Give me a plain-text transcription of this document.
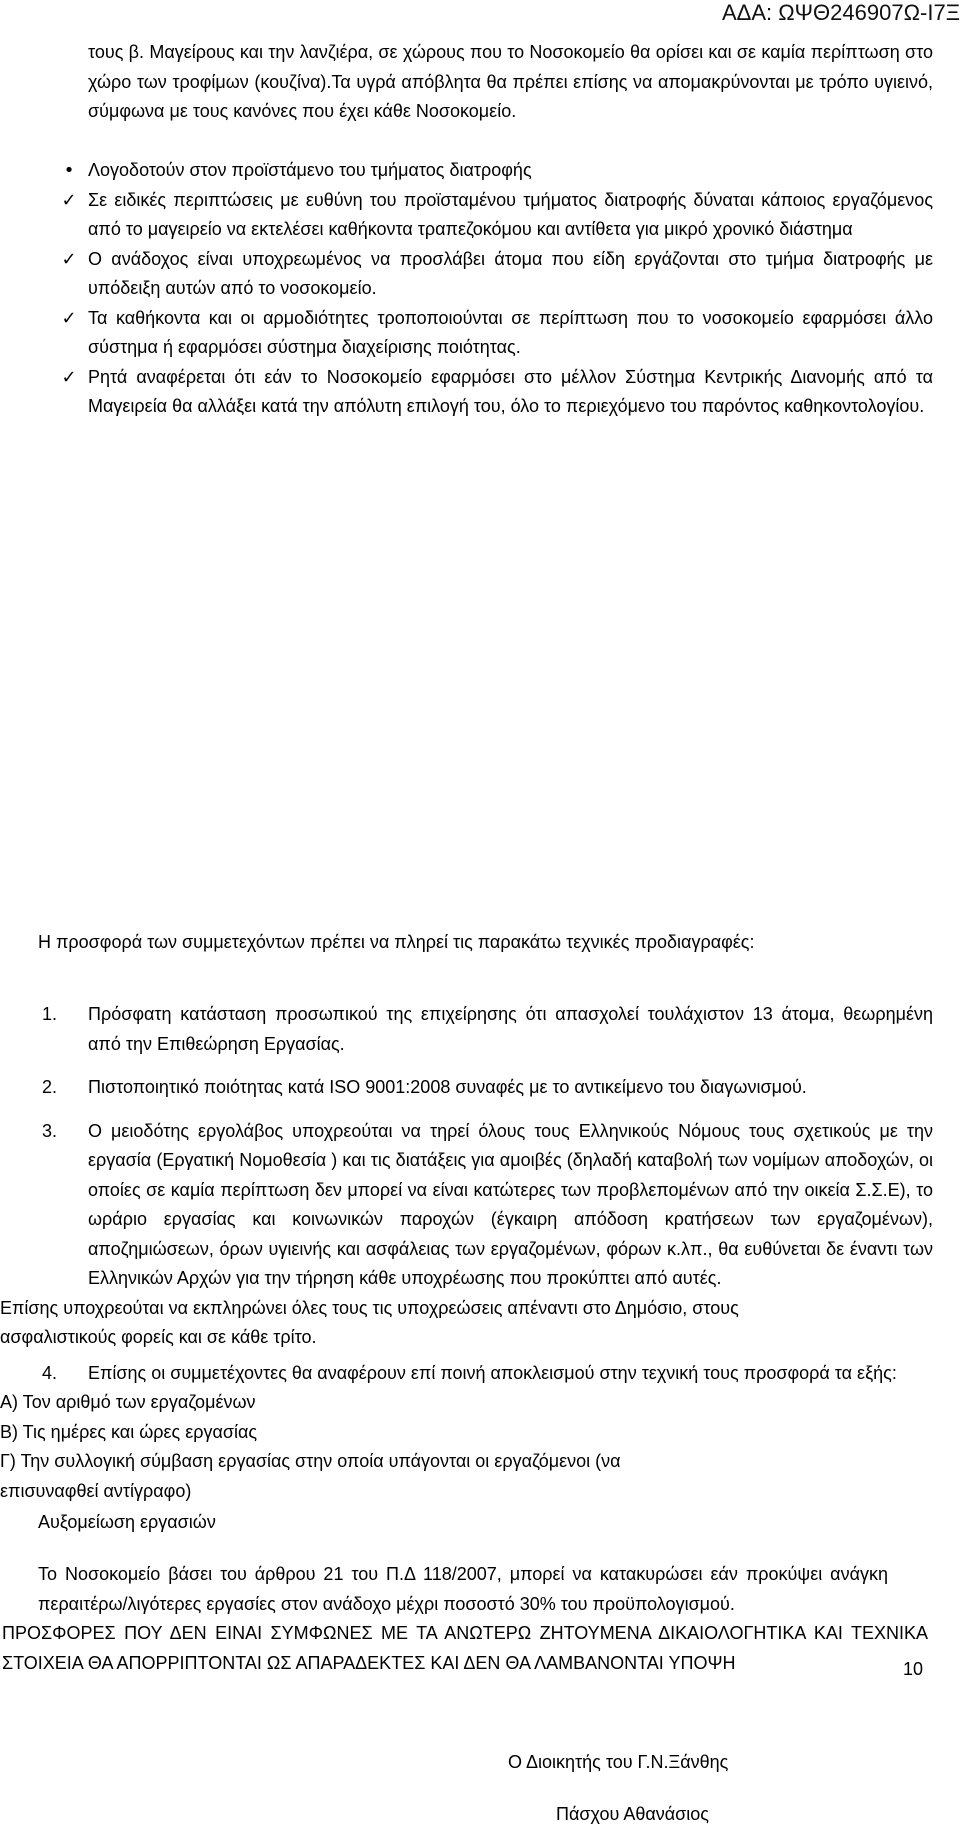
ΑΔΑ: ΩΨΘ246907Ω-Ι7Ξ

τους β. Μαγείρους και την λανζιέρα, σε χώρους που το Νοσοκομείο θα ορίσει και σε καμία περίπτωση στο χώρο των τροφίμων (κουζίνα).Τα υγρά απόβλητα θα πρέπει επίσης να απομακρύνονται με τρόπο υγιεινό, σύμφωνα με τους κανόνες που έχει κάθε Νοσοκομείο.

• Λογοδοτούν στον προϊστάμενο του τμήματος διατροφής

✓ Σε ειδικές περιπτώσεις με ευθύνη του προϊσταμένου τμήματος διατροφής δύναται κάποιος εργαζόμενος από το μαγειρείο να εκτελέσει καθήκοντα τραπεζοκόμου και αντίθετα για μικρό χρονικό διάστημα

✓ Ο ανάδοχος είναι υποχρεωμένος να προσλάβει άτομα που είδη εργάζονται στο τμήμα διατροφής με υπόδειξη αυτών από το νοσοκομείο.

✓ Τα καθήκοντα και οι αρμοδιότητες τροποποιούνται σε περίπτωση που το νοσοκομείο εφαρμόσει άλλο σύστημα ή εφαρμόσει σύστημα διαχείρισης ποιότητας.

✓ Ρητά αναφέρεται ότι εάν το Νοσοκομείο εφαρμόσει στο μέλλον Σύστημα Κεντρικής Διανομής από τα Μαγειρεία θα αλλάξει κατά την απόλυτη επιλογή του, όλο το περιεχόμενο του παρόντος καθηκοντολογίου.

Η προσφορά των συμμετεχόντων πρέπει να πληρεί τις παρακάτω τεχνικές προδιαγραφές:

1.	Πρόσφατη κατάσταση προσωπικού της επιχείρησης ότι απασχολεί τουλάχιστον 13 άτομα, θεωρημένη από την Επιθεώρηση Εργασίας.

2.	Πιστοποιητικό ποιότητας κατά ISO 9001:2008 συναφές με το αντικείμενο του διαγωνισμού.

3.	Ο μειοδότης εργολάβος υποχρεούται να τηρεί όλους τους Ελληνικούς Νόμους τους σχετικούς με την εργασία (Εργατική Νομοθεσία ) και τις διατάξεις για αμοιβές (δηλαδή καταβολή των νομίμων αποδοχών, οι οποίες σε καμία περίπτωση δεν μπορεί να είναι κατώτερες των προβλεπομένων από την οικεία Σ.Σ.Ε), το ωράριο εργασίας και κοινωνικών παροχών (έγκαιρη απόδοση κρατήσεων των εργαζομένων), αποζημιώσεων, όρων υγιεινής και ασφάλειας των εργαζομένων, φόρων κ.λπ., θα ευθύνεται δε έναντι των Ελληνικών Αρχών για την τήρηση κάθε υποχρέωσης που προκύπτει από αυτές.

Επίσης υποχρεούται να εκπληρώνει όλες τους τις υποχρεώσεις απέναντι στο Δημόσιο, στους ασφαλιστικούς φορείς και σε κάθε τρίτο.

4.	Επίσης οι συμμετέχοντες θα αναφέρουν επί ποινή αποκλεισμού στην τεχνική τους προσφορά τα εξής:

Α) Τον αριθμό των εργαζομένων

Β) Τις ημέρες και ώρες εργασίας

Γ) Την συλλογική σύμβαση εργασίας στην οποία υπάγονται οι εργαζόμενοι (να

επισυναφθεί αντίγραφο)

Αυξομείωση εργασιών

Το Νοσοκομείο βάσει του άρθρου 21 του Π.Δ 118/2007, μπορεί να κατακυρώσει εάν προκύψει ανάγκη περαιτέρω/λιγότερες εργασίες στον ανάδοχο μέχρι ποσοστό 30% του προϋπολογισμού.

ΠΡΟΣΦΟΡΕΣ ΠΟΥ ΔΕΝ ΕΙΝΑΙ ΣΥΜΦΩΝΕΣ ΜΕ ΤΑ ΑΝΩΤΕΡΩ ΖΗΤΟΥΜΕΝΑ ΔΙΚΑΙΟΛΟΓΗΤΙΚΑ ΚΑΙ ΤΕΧΝΙΚΑ ΣΤΟΙΧΕΙΑ ΘΑ ΑΠΟΡΡΙΠΤΟΝΤΑΙ ΩΣ ΑΠΑΡΑΔΕΚΤΕΣ ΚΑΙ ΔΕΝ ΘΑ ΛΑΜΒΑΝΟΝΤΑΙ ΥΠΟΨΗ

Ο Διοικητής του Γ.Ν.Ξάνθης

Πάσχου Αθανάσιος

10
